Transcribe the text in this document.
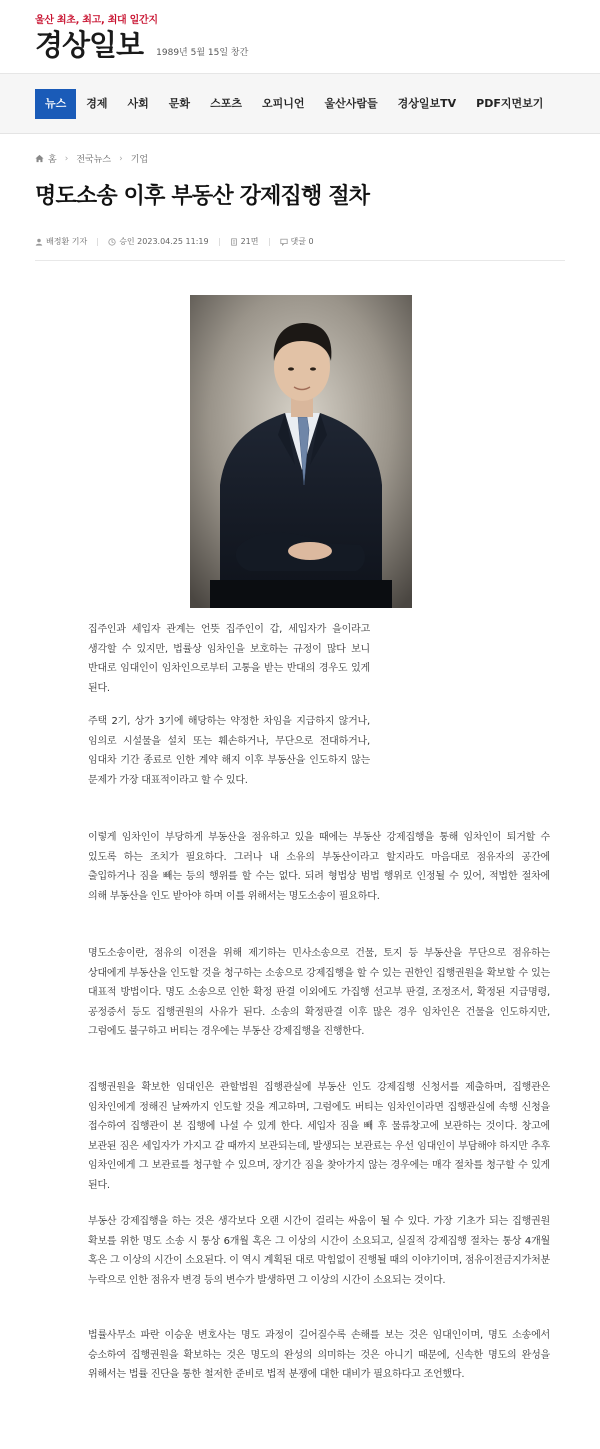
울산 최초, 최고, 최대 일간지
경상일보 1989년 5월 15일 창간
뉴스	경제	사회	문화	스포츠	오피니언	울산사람들	경상일보TV	PDF지면보기
홈 › 전국뉴스 › 기업
명도소송 이후 부동산 강제집행 절차
배정환 기자	승인 2023.04.25 11:19	21면	댓글 0

집주인과 세입자 관계는 언뜻 집주인이 갑, 세입자가 을이라고 생각할 수 있지만, 법률상 임차인을 보호하는 규정이 많다 보니 반대로 임대인이 임차인으로부터 고통을 받는 반대의 경우도 있게 된다.

주택 2기, 상가 3기에 해당하는 약정한 차임을 지급하지 않거나, 임의로 시설물을 설치 또는 훼손하거나, 무단으로 전대하거나, 임대차 기간 종료로 인한 계약 해지 이후 부동산을 인도하지 않는 문제가 가장 대표적이라고 할 수 있다.

이렇게 임차인이 부당하게 부동산을 점유하고 있을 때에는 부동산 강제집행을 통해 임차인이 퇴거할 수 있도록 하는 조치가 필요하다. 그러나 내 소유의 부동산이라고 할지라도 마음대로 점유자의 공간에 출입하거나 짐을 빼는 등의 행위를 할 수는 없다. 되려 형법상 범법 행위로 인정될 수 있어, 적법한 절차에 의해 부동산을 인도 받아야 하며 이를 위해서는 명도소송이 필요하다.

명도소송이란, 점유의 이전을 위해 제기하는 민사소송으로 건물, 토지 등 부동산을 무단으로 점유하는 상대에게 부동산을 인도할 것을 청구하는 소송으로 강제집행을 할 수 있는 권한인 집행권원을 확보할 수 있는 대표적 방법이다. 명도 소송으로 인한 확정 판결 이외에도 가집행 선고부 판결, 조정조서, 확정된 지급명령, 공정증서 등도 집행권원의 사유가 된다. 소송의 확정판결 이후 많은 경우 임차인은 건물을 인도하지만, 그럼에도 불구하고 버티는 경우에는 부동산 강제집행을 진행한다.

집행권원을 확보한 임대인은 관할법원 집행관실에 부동산 인도 강제집행 신청서를 제출하며, 집행관은 임차인에게 정해진 날짜까지 인도할 것을 계고하며, 그럼에도 버티는 임차인이라면 집행관실에 속행 신청을 접수하여 집행관이 본 집행에 나설 수 있게 한다. 세입자 짐을 빼 후 물류창고에 보관하는 것이다. 창고에 보관된 짐은 세입자가 가지고 갈 때까지 보관되는데, 발생되는 보관료는 우선 임대인이 부담해야 하지만 추후 임차인에게 그 보관료를 청구할 수 있으며, 장기간 짐을 찾아가지 않는 경우에는 매각 절차를 청구할 수 있게 된다.

부동산 강제집행을 하는 것은 생각보다 오랜 시간이 걸리는 싸움이 될 수 있다. 가장 기초가 되는 집행권원 확보를 위한 명도 소송 시 통상 6개월 혹은 그 이상의 시간이 소요되고, 실질적 강제집행 절차는 통상 4개월 혹은 그 이상의 시간이 소요된다. 이 역시 계획된 대로 막힘없이 진행될 때의 이야기이며, 점유이전금지가처분 누락으로 인한 점유자 변경 등의 변수가 발생하면 그 이상의 시간이 소요되는 것이다.

법률사무소 파란 이승운 변호사는 명도 과정이 길어질수록 손해를 보는 것은 임대인이며, 명도 소송에서 승소하여 집행권원을 확보하는 것은 명도의 완성의 의미하는 것은 아니기 때문에, 신속한 명도의 완성을 위해서는 법률 진단을 통한 철저한 준비로 법적 분쟁에 대한 대비가 필요하다고 조언했다.
